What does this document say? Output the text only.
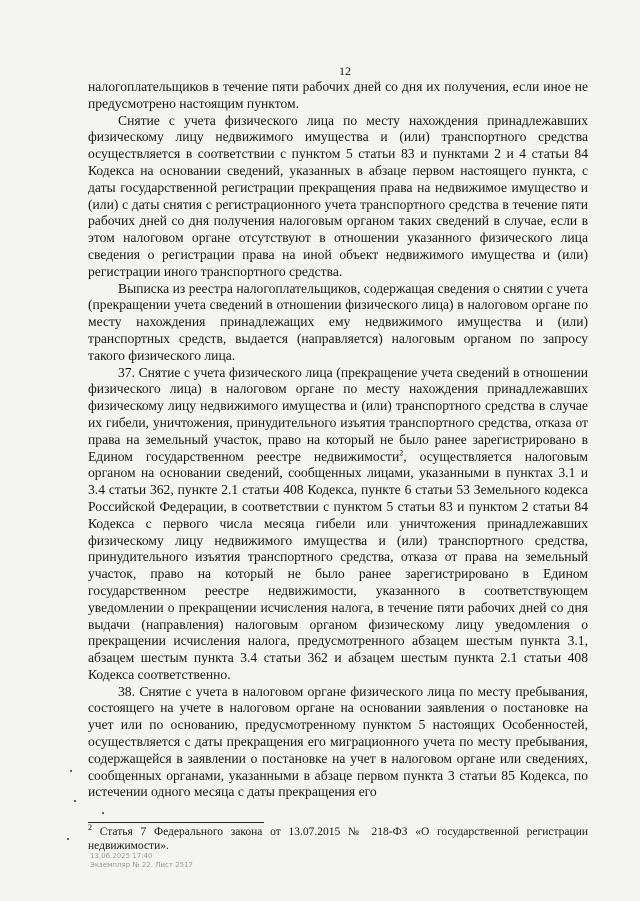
12

налогоплательщиков в течение пяти рабочих дней со дня их получения, если иное не предусмотрено настоящим пунктом.

Снятие с учета физического лица по месту нахождения принадлежавших физическому лицу недвижимого имущества и (или) транспортного средства осуществляется в соответствии с пунктом 5 статьи 83 и пунктами 2 и 4 статьи 84 Кодекса на основании сведений, указанных в абзаце первом настоящего пункта, с даты государственной регистрации прекращения права на недвижимое имущество и (или) с даты снятия с регистрационного учета транспортного средства в течение пяти рабочих дней со дня получения налоговым органом таких сведений в случае, если в этом налоговом органе отсутствуют в отношении указанного физического лица сведения о регистрации права на иной объект недвижимого имущества и (или) регистрации иного транспортного средства.

Выписка из реестра налогоплательщиков, содержащая сведения о снятии с учета (прекращении учета сведений в отношении физического лица) в налоговом органе по месту нахождения принадлежащих ему недвижимого имущества и (или) транспортных средств, выдается (направляется) налоговым органом по запросу такого физического лица.

37. Снятие с учета физического лица (прекращение учета сведений в отношении физического лица) в налоговом органе по месту нахождения принадлежавших физическому лицу недвижимого имущества и (или) транспортного средства в случае их гибели, уничтожения, принудительного изъятия транспортного средства, отказа от права на земельный участок, право на который не было ранее зарегистрировано в Едином государственном реестре недвижимости$^2$, осуществляется налоговым органом на основании сведений, сообщенных лицами, указанными в пунктах 3.1 и 3.4 статьи 362, пункте 2.1 статьи 408 Кодекса, пункте 6 статьи 53 Земельного кодекса Российской Федерации, в соответствии с пунктом 5 статьи 83 и пунктом 2 статьи 84 Кодекса с первого числа месяца гибели или уничтожения принадлежавших физическому лицу недвижимого имущества и (или) транспортного средства, принудительного изъятия транспортного средства, отказа от права на земельный участок, право на который не было ранее зарегистрировано в Едином государственном реестре недвижимости, указанного в соответствующем уведомлении о прекращении исчисления налога, в течение пяти рабочих дней со дня выдачи (направления) налоговым органом физическому лицу уведомления о прекращении исчисления налога, предусмотренного абзацем шестым пункта 3.1, абзацем шестым пункта 3.4 статьи 362 и абзацем шестым пункта 2.1 статьи 408 Кодекса соответственно.

38. Снятие с учета в налоговом органе физического лица по месту пребывания, состоящего на учете в налоговом органе на основании заявления о постановке на учет или по основанию, предусмотренному пунктом 5 настоящих Особенностей, осуществляется с даты прекращения его миграционного учета по месту пребывания, содержащейся в заявлении о постановке на учет в налоговом органе или сведениях, сообщенных органами, указанными в абзаце первом пункта 3 статьи 85 Кодекса, по истечении одного месяца с даты прекращения его

$^2$ Статья 7 Федерального закона от 13.07.2015 № 218-ФЗ «О государственной регистрации недвижимости».
13.06.2025 17:40
Экземпляр № 22. Лист 2517
